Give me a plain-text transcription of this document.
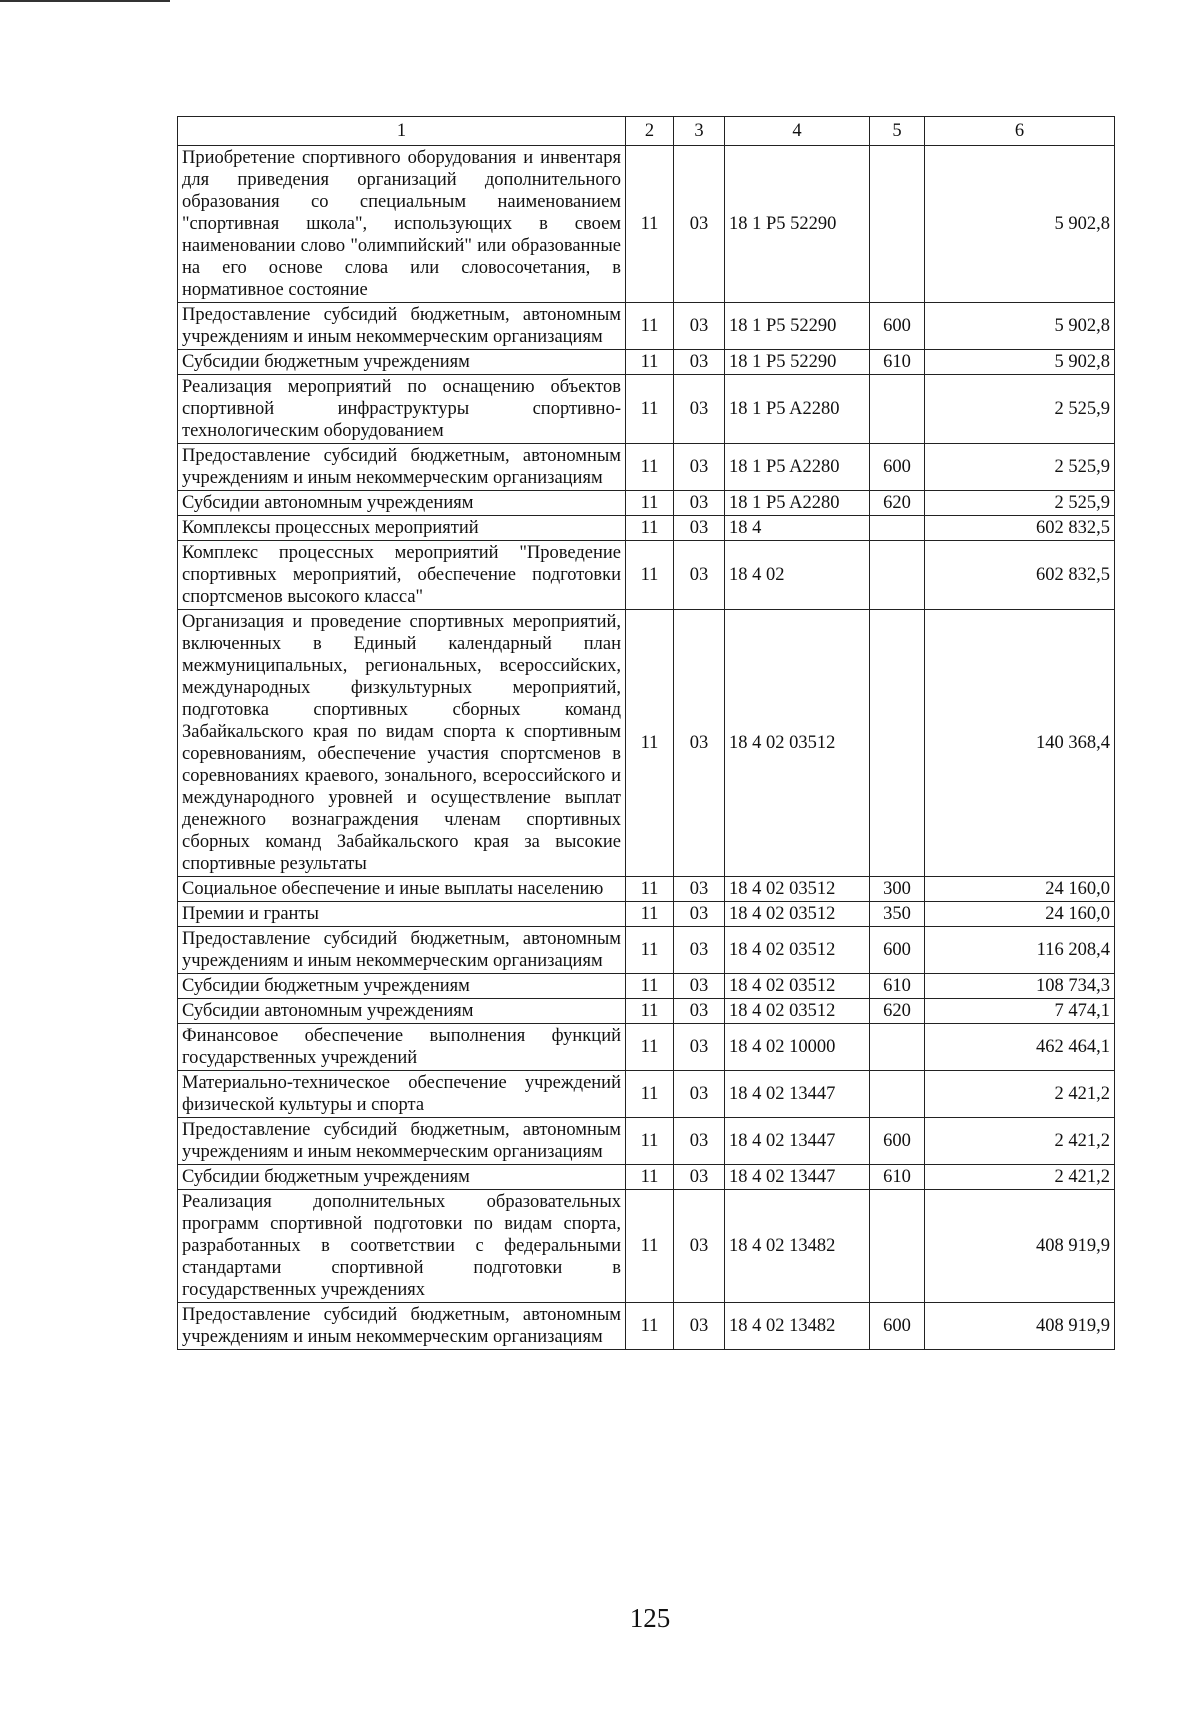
1	2	3	4	5	6
Приобретение спортивного оборудования и инвентаря для приведения организаций дополнительного образования со специальным наименованием "спортивная школа", использующих в своем наименовании слово "олимпийский" или образованные на его основе слова или словосочетания, в нормативное состояние	11	03	18 1 P5 52290		5 902,8
Предоставление субсидий бюджетным, автономным учреждениям и иным некоммерческим организациям	11	03	18 1 P5 52290	600	5 902,8
Субсидии бюджетным учреждениям	11	03	18 1 P5 52290	610	5 902,8
Реализация мероприятий по оснащению объектов спортивной инфраструктуры спортивно-технологическим оборудованием	11	03	18 1 P5 A2280		2 525,9
Предоставление субсидий бюджетным, автономным учреждениям и иным некоммерческим организациям	11	03	18 1 P5 A2280	600	2 525,9
Субсидии автономным учреждениям	11	03	18 1 P5 A2280	620	2 525,9
Комплексы процессных мероприятий	11	03	18 4		602 832,5
Комплекс процессных мероприятий "Проведение спортивных мероприятий, обеспечение подготовки спортсменов высокого класса"	11	03	18 4 02		602 832,5
Организация и проведение спортивных мероприятий, включенных в Единый календарный план межмуниципальных, региональных, всероссийских, международных физкультурных мероприятий, подготовка спортивных сборных команд Забайкальского края по видам спорта к спортивным соревнованиям, обеспечение участия спортсменов в соревнованиях краевого, зонального, всероссийского и международного уровней и осуществление выплат денежного вознаграждения членам спортивных сборных команд Забайкальского края за высокие спортивные результаты	11	03	18 4 02 03512		140 368,4
Социальное обеспечение и иные выплаты населению	11	03	18 4 02 03512	300	24 160,0
Премии и гранты	11	03	18 4 02 03512	350	24 160,0
Предоставление субсидий бюджетным, автономным учреждениям и иным некоммерческим организациям	11	03	18 4 02 03512	600	116 208,4
Субсидии бюджетным учреждениям	11	03	18 4 02 03512	610	108 734,3
Субсидии автономным учреждениям	11	03	18 4 02 03512	620	7 474,1
Финансовое обеспечение выполнения функций государственных учреждений	11	03	18 4 02 10000		462 464,1
Материально-техническое обеспечение учреждений физической культуры и спорта	11	03	18 4 02 13447		2 421,2
Предоставление субсидий бюджетным, автономным учреждениям и иным некоммерческим организациям	11	03	18 4 02 13447	600	2 421,2
Субсидии бюджетным учреждениям	11	03	18 4 02 13447	610	2 421,2
Реализация дополнительных образовательных программ спортивной подготовки по видам спорта, разработанных в соответствии с федеральными стандартами спортивной подготовки в государственных учреждениях	11	03	18 4 02 13482		408 919,9
Предоставление субсидий бюджетным, автономным учреждениям и иным некоммерческим организациям	11	03	18 4 02 13482	600	408 919,9
125
